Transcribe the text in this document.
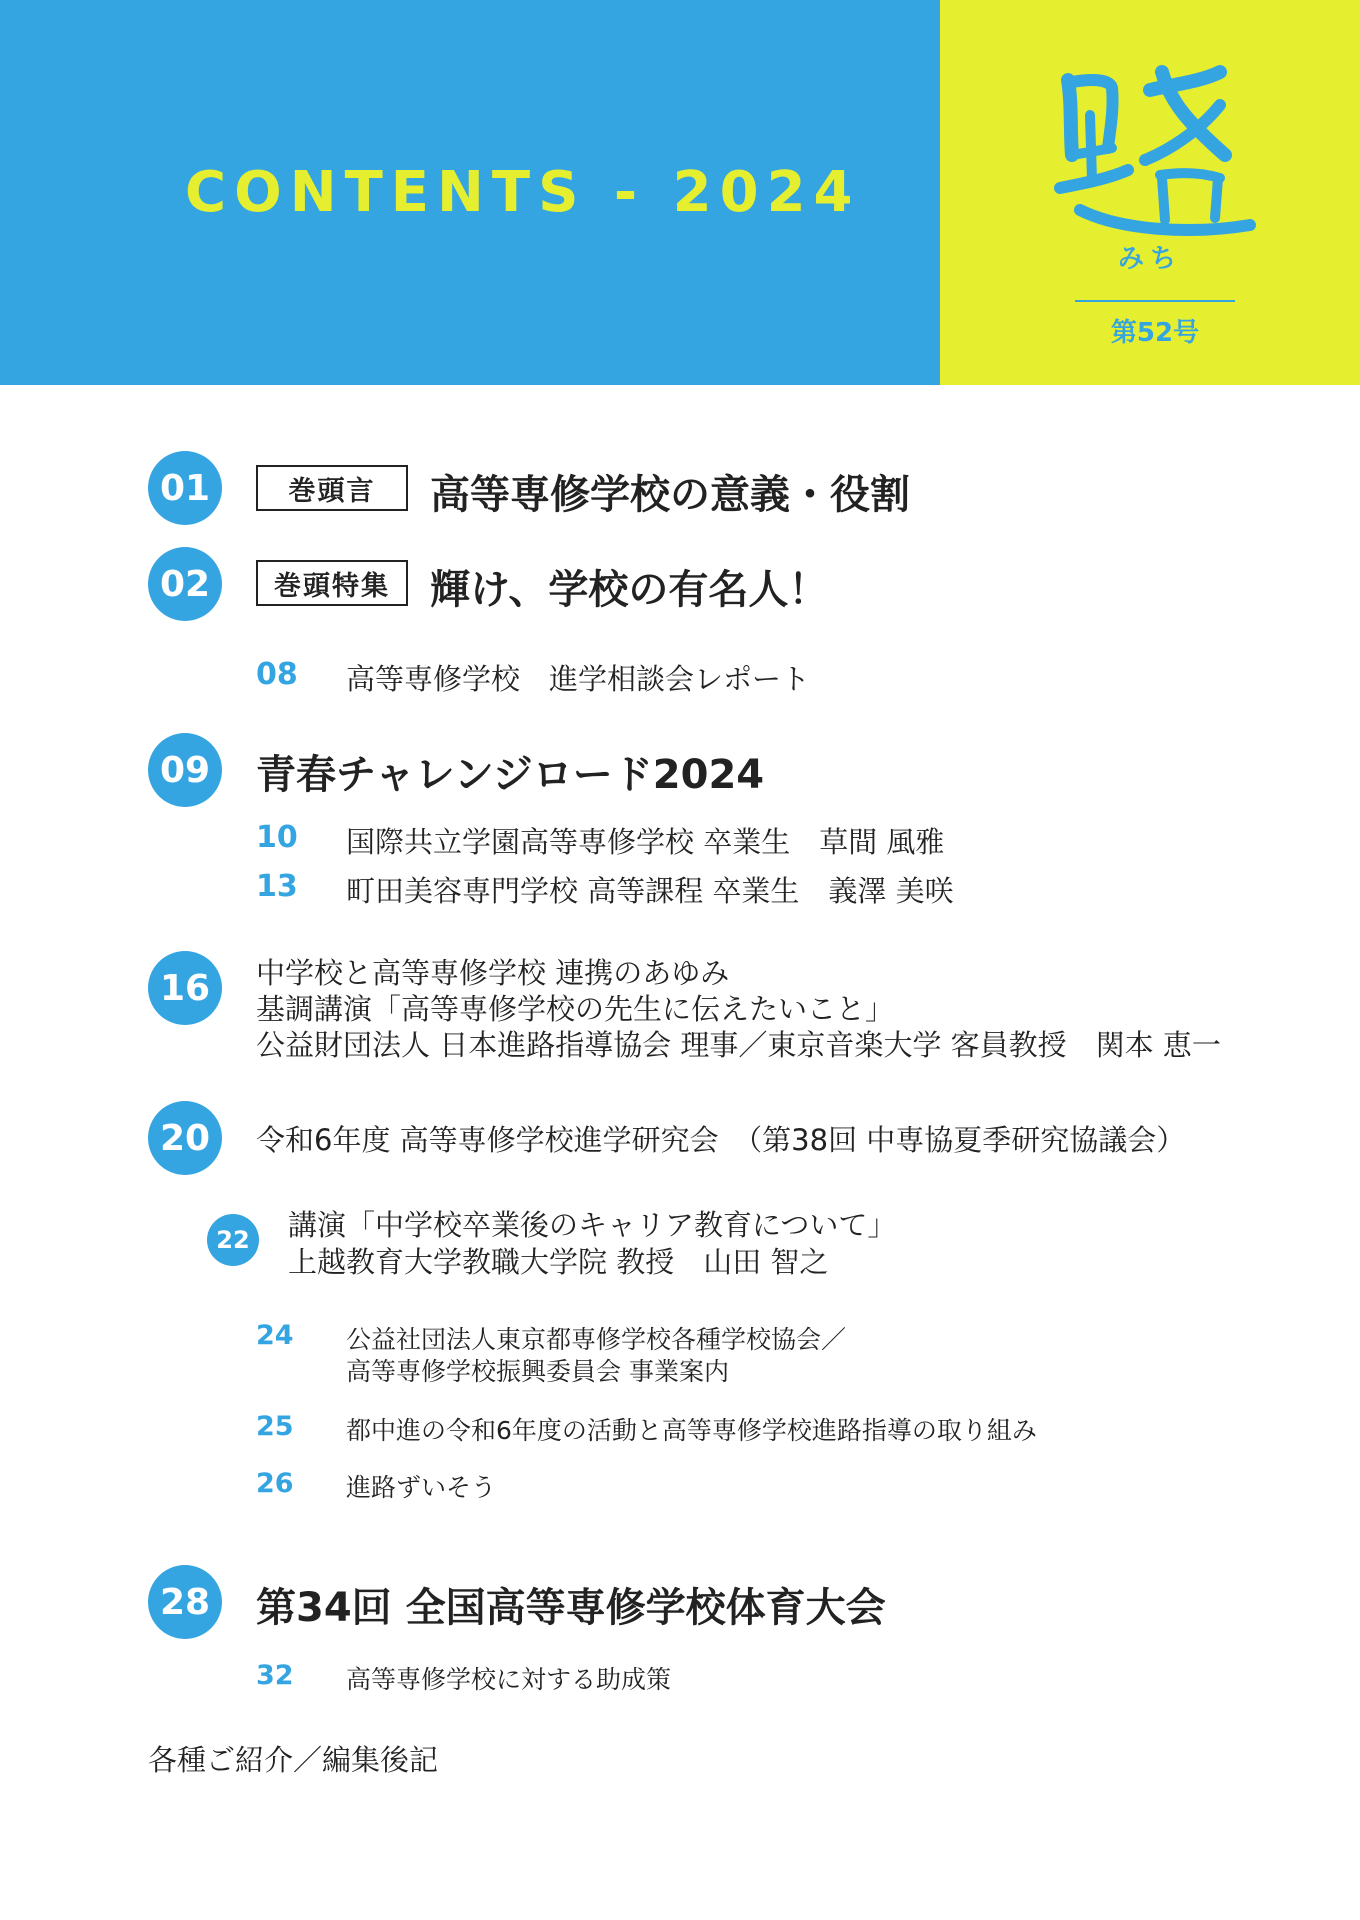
CONTENTS - 2024
みち
第52号
01	巻頭言	高等専修学校の意義・役割
02	巻頭特集	輝け、学校の有名人！
08 高等専修学校　進学相談会レポート
09 青春チャレンジロード2024
10 国際共立学園高等専修学校 卒業生　草間 風雅
13 町田美容専門学校 高等課程 卒業生　義澤 美咲
16	中学校と高等専修学校 連携のあゆみ
基調講演「高等専修学校の先生に伝えたいこと」
公益財団法人 日本進路指導協会 理事／東京音楽大学 客員教授　関本 恵一
20	令和6年度 高等専修学校進学研究会　（第38回 中専協夏季研究協議会）
22	講演「中学校卒業後のキャリア教育について」
上越教育大学教職大学院 教授　山田 智之
24 公益社団法人東京都専修学校各種学校協会／
高等専修学校振興委員会 事業案内
25 都中進の令和6年度の活動と高等専修学校進路指導の取り組み
26 進路ずいそう
28 第34回 全国高等専修学校体育大会
32 高等専修学校に対する助成策
各種ご紹介／編集後記
